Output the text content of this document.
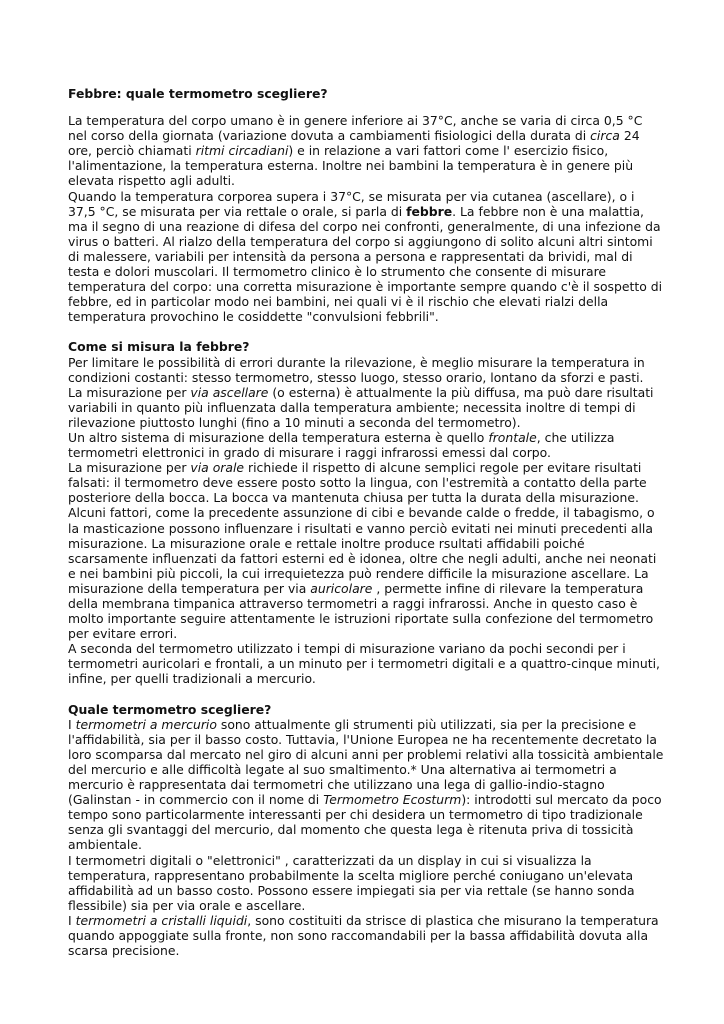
Febbre: quale termometro scegliere?

La temperatura del corpo umano è in genere inferiore ai 37°C, anche se varia di circa 0,5 °C nel corso della giornata (variazione dovuta a cambiamenti fisiologici della durata di circa 24 ore, perciò chiamati ritmi circadiani) e in relazione a vari fattori come l' esercizio fisico, l'alimentazione, la temperatura esterna. Inoltre nei bambini la temperatura è in genere più elevata rispetto agli adulti.

Quando la temperatura corporea supera i 37°C, se misurata per via cutanea (ascellare), o i 37,5 °C, se misurata per via rettale o orale, si parla di febbre. La febbre non è una malattia, ma il segno di una reazione di difesa del corpo nei confronti, generalmente, di una infezione da virus o batteri. Al rialzo della temperatura del corpo si aggiungono di solito alcuni altri sintomi di malessere, variabili per intensità da persona a persona e rappresentati da brividi, mal di testa e dolori muscolari. Il termometro clinico è lo strumento che consente di misurare temperatura del corpo: una corretta misurazione è importante sempre quando c'è il sospetto di febbre, ed in particolar modo nei bambini, nei quali vi è il rischio che elevati rialzi della temperatura provochino le cosiddette "convulsioni febbrili".

Come si misura la febbre?

Per limitare le possibilità di errori durante la rilevazione, è meglio misurare la temperatura in condizioni costanti: stesso termometro, stesso luogo, stesso orario, lontano da sforzi e pasti.

La misurazione per via ascellare (o esterna) è attualmente la più diffusa, ma può dare risultati variabili in quanto più influenzata dalla temperatura ambiente; necessita inoltre di tempi di rilevazione piuttosto lunghi (fino a 10 minuti a seconda del termometro).

Un altro sistema di misurazione della temperatura esterna è quello frontale, che utilizza termometri elettronici in grado di misurare i raggi infrarossi emessi dal corpo.

La misurazione per via orale richiede il rispetto di alcune semplici regole per evitare risultati falsati: il termometro deve essere posto sotto la lingua, con l'estremità a contatto della parte posteriore della bocca. La bocca va mantenuta chiusa per tutta la durata della misurazione. Alcuni fattori, come la precedente assunzione di cibi e bevande calde o fredde, il tabagismo, o la masticazione possono influenzare i risultati e vanno perciò evitati nei minuti precedenti alla misurazione. La misurazione orale e rettale inoltre produce rsultati affidabili poiché scarsamente influenzati da fattori esterni ed è idonea, oltre che negli adulti, anche nei neonati e nei bambini più piccoli, la cui irrequietezza può rendere difficile la misurazione ascellare. La misurazione della temperatura per via auricolare , permette infine di rilevare la temperatura della membrana timpanica attraverso termometri a raggi infrarossi. Anche in questo caso è molto importante seguire attentamente le istruzioni riportate sulla confezione del termometro per evitare errori.

A seconda del termometro utilizzato i tempi di misurazione variano da pochi secondi per i termometri auricolari e frontali, a un minuto per i termometri digitali e a quattro-cinque minuti, infine, per quelli tradizionali a mercurio.

Quale termometro scegliere?

I termometri a mercurio sono attualmente gli strumenti più utilizzati, sia per la precisione e l'affidabilità, sia per il basso costo. Tuttavia, l'Unione Europea ne ha recentemente decretato la loro scomparsa dal mercato nel giro di alcuni anni per problemi relativi alla tossicità ambientale del mercurio e alle difficoltà legate al suo smaltimento.* Una alternativa ai termometri a mercurio è rappresentata dai termometri che utilizzano una lega di gallio-indio-stagno (Galinstan - in commercio con il nome di Termometro Ecosturm): introdotti sul mercato da poco tempo sono particolarmente interessanti per chi desidera un termometro di tipo tradizionale senza gli svantaggi del mercurio, dal momento che questa lega è ritenuta priva di tossicità ambientale.

I termometri digitali o "elettronici" , caratterizzati da un display in cui si visualizza la temperatura, rappresentano probabilmente la scelta migliore perché coniugano un'elevata affidabilità ad un basso costo. Possono essere impiegati sia per via rettale (se hanno sonda flessibile) sia per via orale e ascellare.

I termometri a cristalli liquidi, sono costituiti da strisce di plastica che misurano la temperatura quando appoggiate sulla fronte, non sono raccomandabili per la bassa affidabilità dovuta alla scarsa precisione.
